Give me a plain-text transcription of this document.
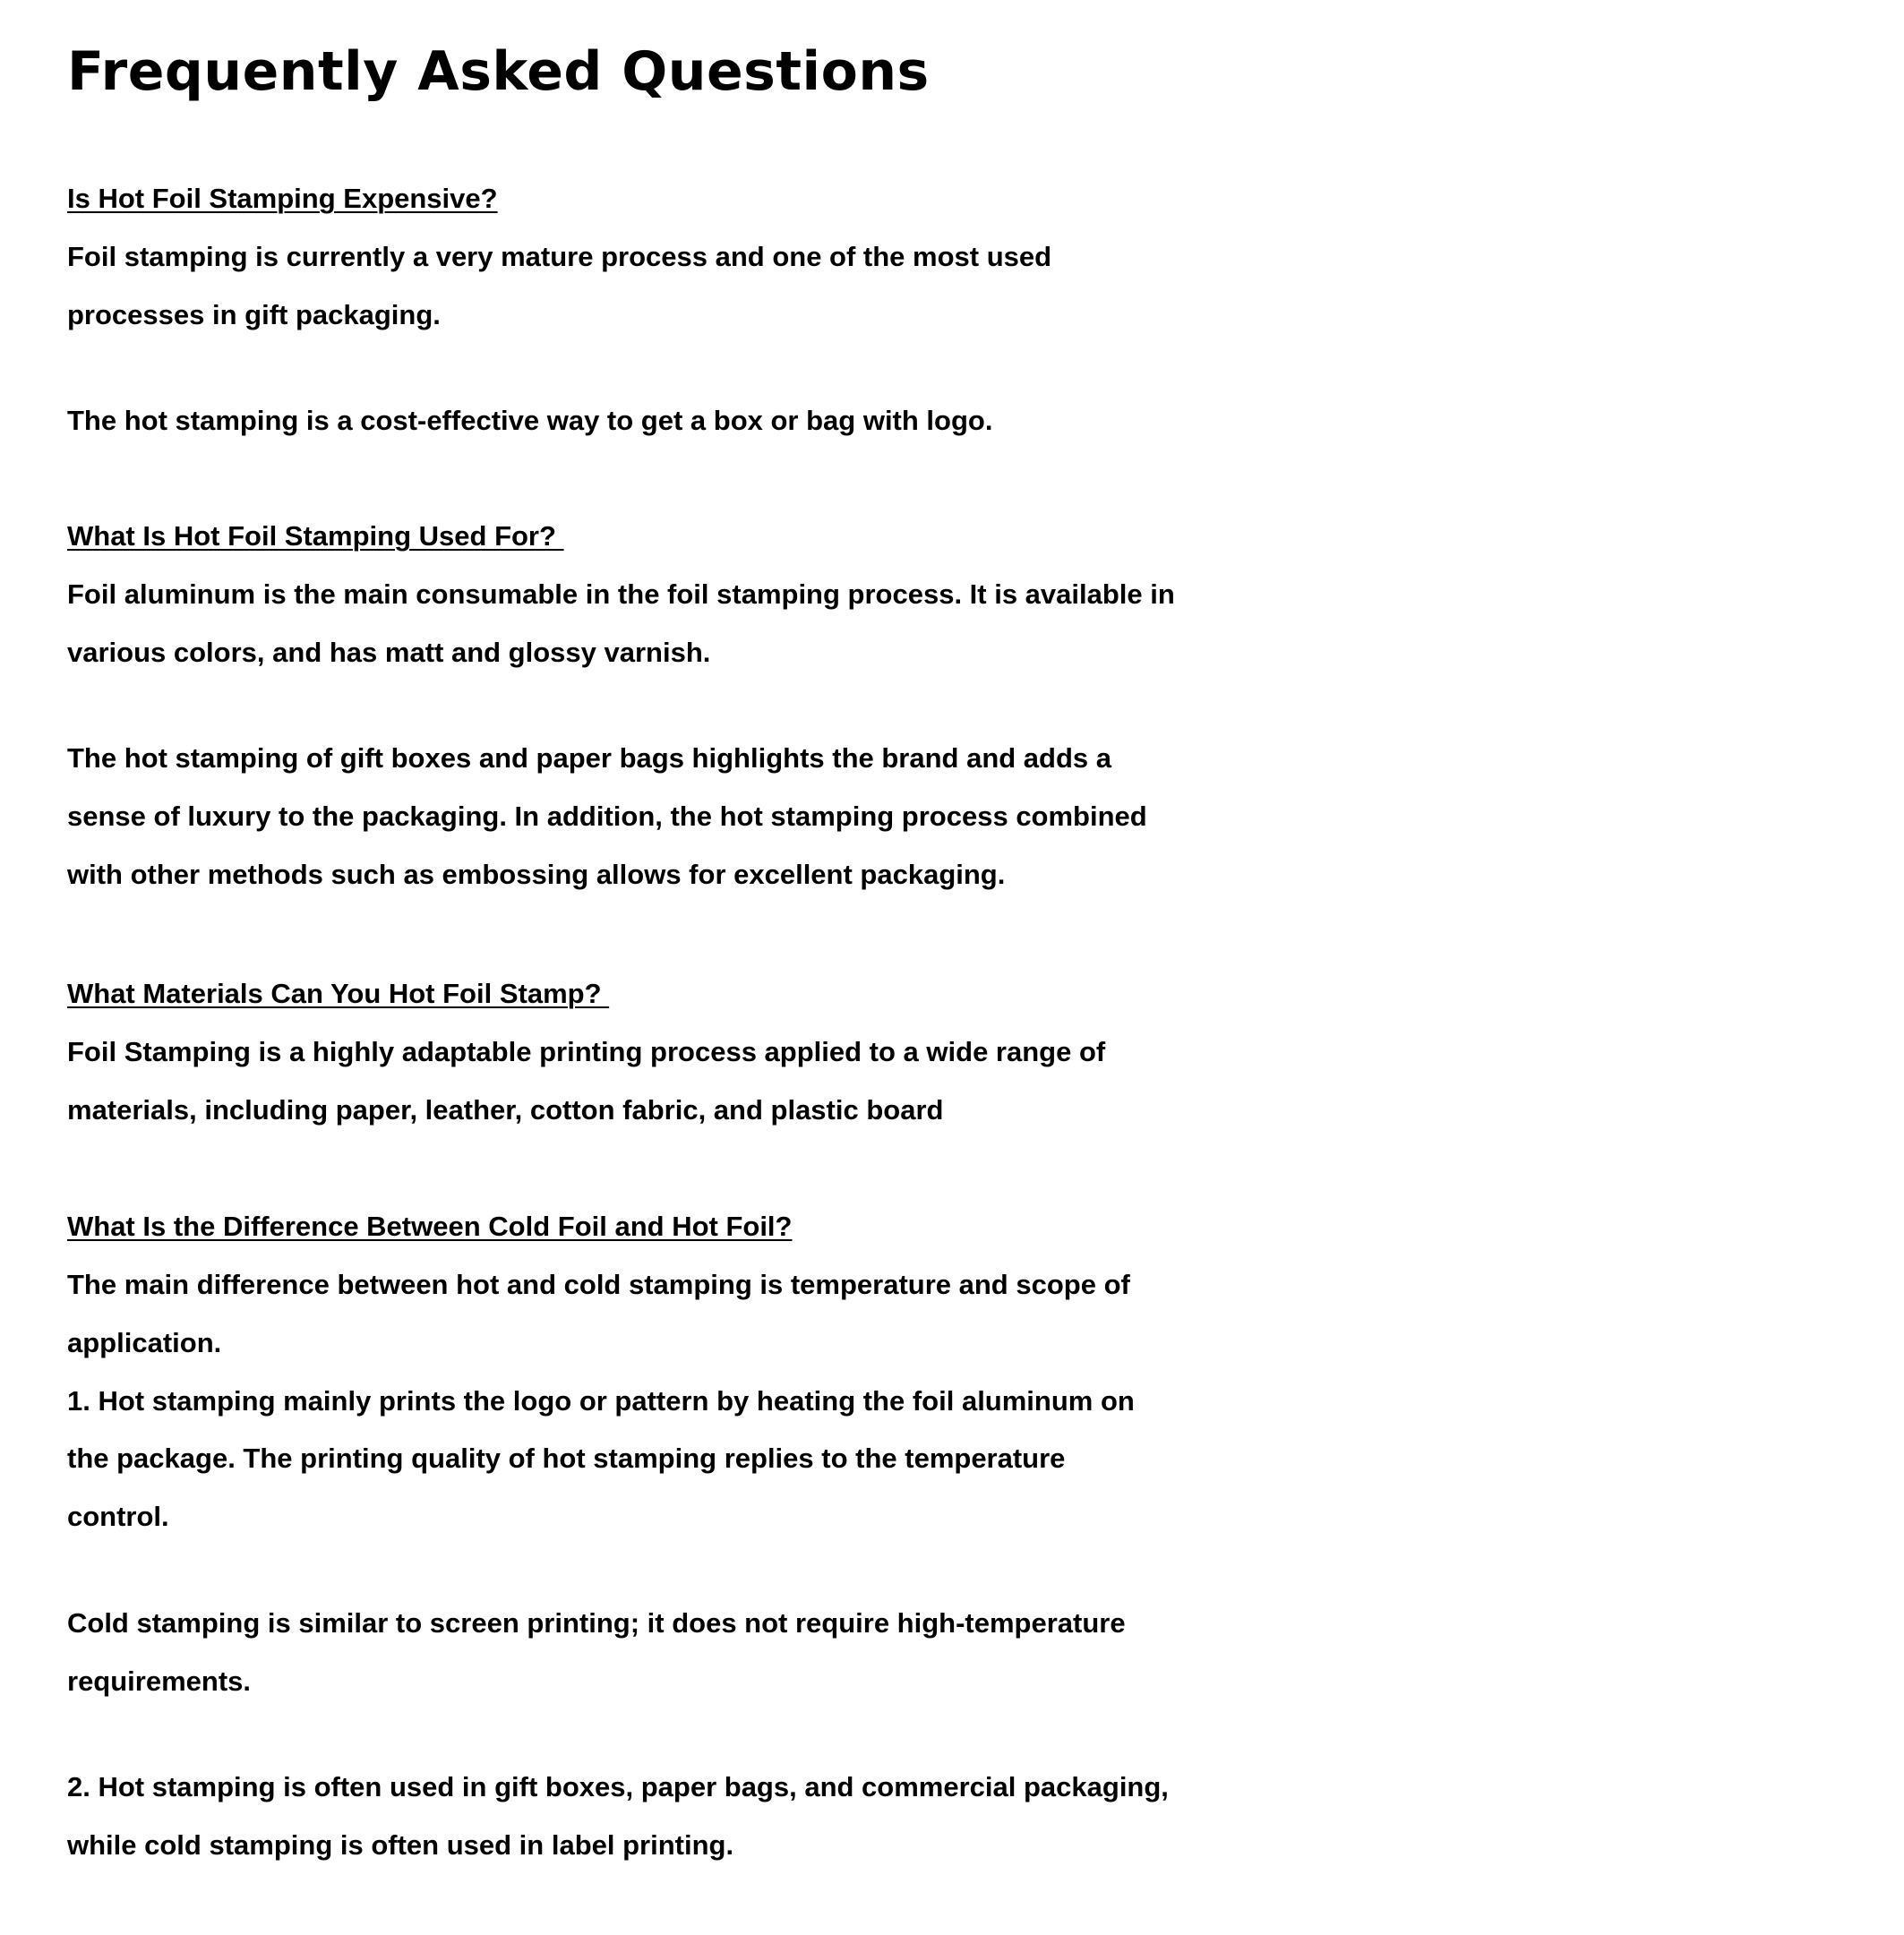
Frequently Asked Questions

Is Hot Foil Stamping Expensive?

Foil stamping is currently a very mature process and one of the most used

processes in gift packaging.

The hot stamping is a cost-effective way to get a box or bag with logo.

What Is Hot Foil Stamping Used For?

Foil aluminum is the main consumable in the foil stamping process. It is available in

various colors, and has matt and glossy varnish.

The hot stamping of gift boxes and paper bags highlights the brand and adds a

sense of luxury to the packaging. In addition, the hot stamping process combined

with other methods such as embossing allows for excellent packaging.

What Materials Can You Hot Foil Stamp?

Foil Stamping is a highly adaptable printing process applied to a wide range of

materials, including paper, leather, cotton fabric, and plastic board

What Is the Difference Between Cold Foil and Hot Foil?

The main difference between hot and cold stamping is temperature and scope of

application.

1. Hot stamping mainly prints the logo or pattern by heating the foil aluminum on

the package. The printing quality of hot stamping replies to the temperature

control.

Cold stamping is similar to screen printing; it does not require high-temperature

requirements.

2. Hot stamping is often used in gift boxes, paper bags, and commercial packaging,

while cold stamping is often used in label printing.
